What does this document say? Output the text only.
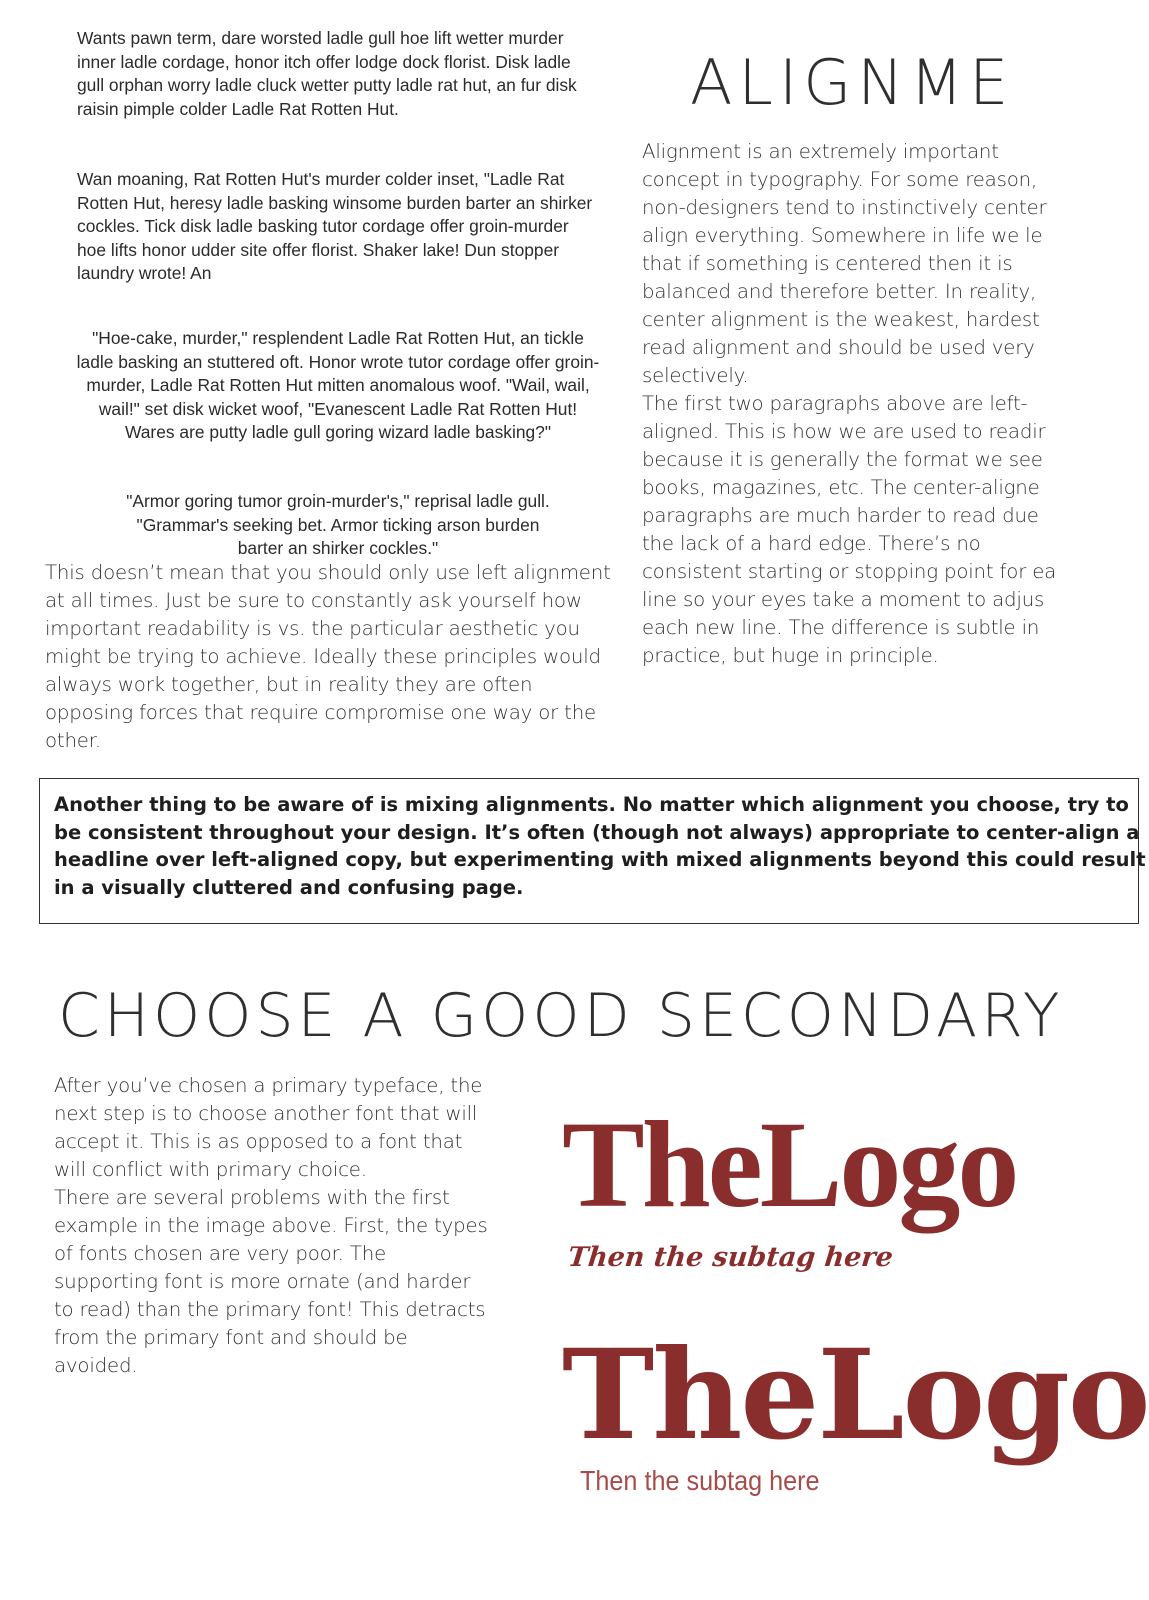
Wants pawn term, dare worsted ladle gull hoe lift wetter murder inner ladle cordage, honor itch offer lodge dock florist. Disk ladle gull orphan worry ladle cluck wetter putty ladle rat hut, an fur disk raisin pimple colder Ladle Rat Rotten Hut.

Wan moaning, Rat Rotten Hut's murder colder inset, "Ladle Rat Rotten Hut, heresy ladle basking winsome burden barter an shirker cockles. Tick disk ladle basking tutor cordage offer groin-murder hoe lifts honor udder site offer florist. Shaker lake! Dun stopper laundry wrote! An

"Hoe-cake, murder," resplendent Ladle Rat Rotten Hut, an tickle ladle basking an stuttered oft. Honor wrote tutor cordage offer groin-murder, Ladle Rat Rotten Hut mitten anomalous woof. "Wail, wail, wail!" set disk wicket woof, "Evanescent Ladle Rat Rotten Hut! Wares are putty ladle gull goring wizard ladle basking?"

"Armor goring tumor groin-murder's," reprisal ladle gull.

"Grammar's seeking bet. Armor ticking arson burden

barter an shirker cockles."

ALIGNME
Alignment is an extremely important
concept in typography. For some reason,
non-designers tend to instinctively center
align everything. Somewhere in life we le
that if something is centered then it is
balanced and therefore better. In reality,
center alignment is the weakest, hardest
read alignment and should be used very
selectively.
The first two paragraphs above are left-
aligned. This is how we are used to readir
because it is generally the format we see
books, magazines, etc. The center-aligne
paragraphs are much harder to read due
the lack of a hard edge. There’s no
consistent starting or stopping point for ea
line so your eyes take a moment to adjus
each new line. The difference is subtle in
practice, but huge in principle.

This doesn’t mean that you should only use left alignment at all times. Just be sure to constantly ask yourself how important readability is vs. the particular aesthetic you might be trying to achieve. Ideally these principles would always work together, but in reality they are often opposing forces that require compromise one way or the other.

Another thing to be aware of is mixing alignments. No matter which alignment you choose, try to
be consistent throughout your design. It’s often (though not always) appropriate to center-align a
headline over left-aligned copy, but experimenting with mixed alignments beyond this could result
in a visually cluttered and confusing page.
CHOOSE A GOOD SECONDARY

After you’ve chosen a primary typeface, the next step is to choose another font that will accept it. This is as opposed to a font that will conflict with primary choice.
There are several problems with the first example in the image above. First, the types of fonts chosen are very poor. The supporting font is more ornate (and harder to read) than the primary font! This detracts from the primary font and should be avoided.

TheLogo
Then the subtag here
TheLogo
Then the subtag here
